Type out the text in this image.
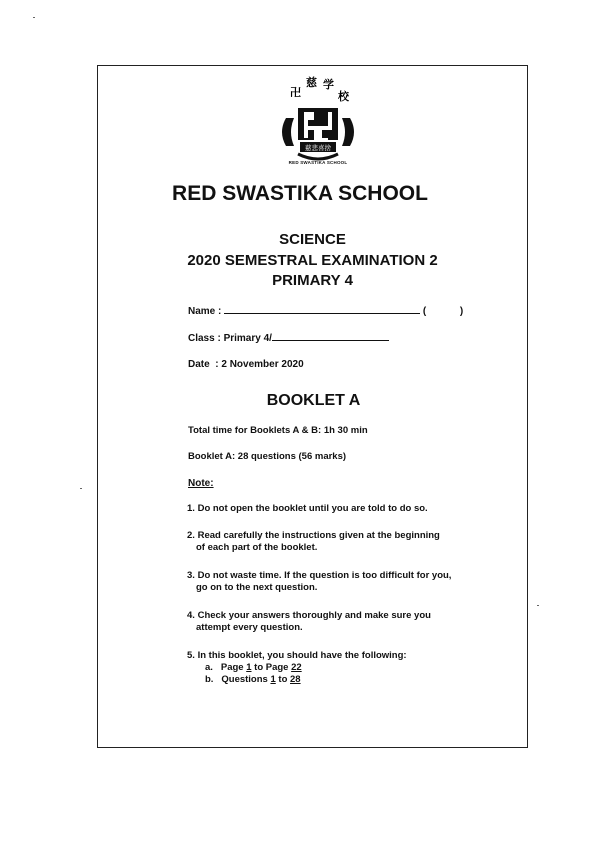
卍
慈 学
校
慈悲喜捨
RED SWASTIKA SCHOOL
RED SWASTIKA SCHOOL
SCIENCE
2020 SEMESTRAL EXAMINATION 2
PRIMARY 4
Name :	(	)
Class : Primary 4/
Date : 2 November 2020
BOOKLET A
Total time for Booklets A & B: 1h 30 min
Booklet A: 28 questions (56 marks)
Note:
1. Do not open the booklet until you are told to do so.
2. Read carefully the instructions given at the beginning
of each part of the booklet.
3. Do not waste time. If the question is too difficult for you,
go on to the next question.
4. Check your answers thoroughly and make sure you
attempt every question.
5. In this booklet, you should have the following:
a. Page 1 to Page 22
b. Questions 1 to 28
